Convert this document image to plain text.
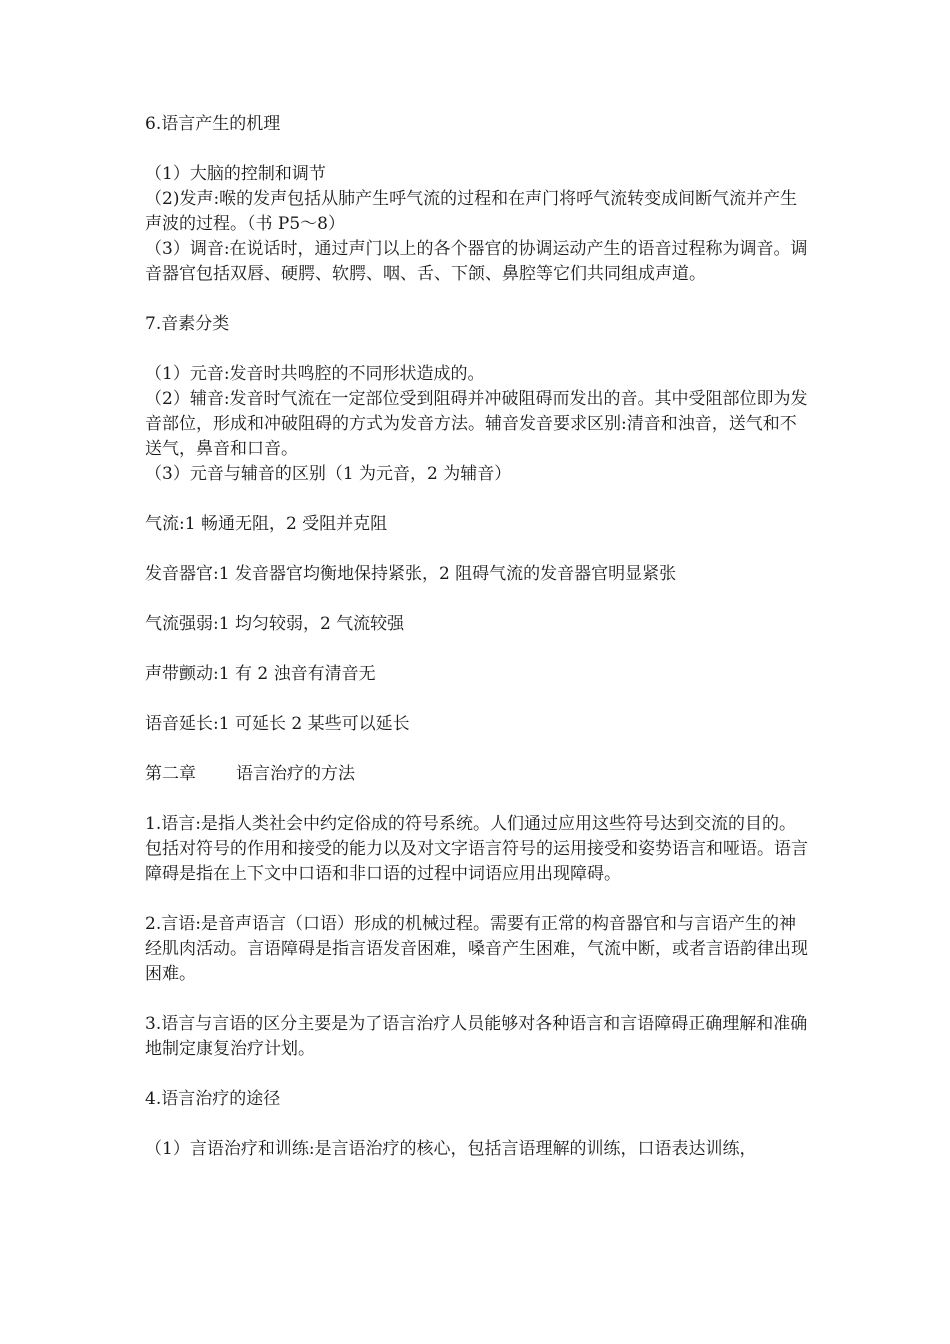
6.语言产生的机理

（1）大脑的控制和调节

（2)发声:喉的发声包括从肺产生呼气流的过程和在声门将呼气流转变成间断气流并产生声波的过程。（书 P5～8）

（3）调音:在说话时，通过声门以上的各个器官的协调运动产生的语音过程称为调音。调音器官包括双唇、硬腭、软腭、咽、舌、下颌、鼻腔等它们共同组成声道。

7.音素分类

（1）元音:发音时共鸣腔的不同形状造成的。

（2）辅音:发音时气流在一定部位受到阻碍并冲破阻碍而发出的音。其中受阻部位即为发音部位，形成和冲破阻碍的方式为发音方法。辅音发音要求区别:清音和浊音，送气和不送气，鼻音和口音。

（3）元音与辅音的区别（1 为元音，2 为辅音）

气流:1 畅通无阻，2 受阻并克阻

发音器官:1 发音器官均衡地保持紧张，2 阻碍气流的发音器官明显紧张

气流强弱:1 均匀较弱，2 气流较强

声带颤动:1 有 2 浊音有清音无

语音延长:1 可延长 2 某些可以延长

第二章 语言治疗的方法

1.语言:是指人类社会中约定俗成的符号系统。人们通过应用这些符号达到交流的目的。包括对符号的作用和接受的能力以及对文字语言符号的运用接受和姿势语言和哑语。语言障碍是指在上下文中口语和非口语的过程中词语应用出现障碍。

2.言语:是音声语言（口语）形成的机械过程。需要有正常的构音器官和与言语产生的神经肌肉活动。言语障碍是指言语发音困难，嗓音产生困难，气流中断，或者言语韵律出现困难。

3.语言与言语的区分主要是为了语言治疗人员能够对各种语言和言语障碍正确理解和准确地制定康复治疗计划。

4.语言治疗的途径

（1）言语治疗和训练:是言语治疗的核心，包括言语理解的训练，口语表达训练，
